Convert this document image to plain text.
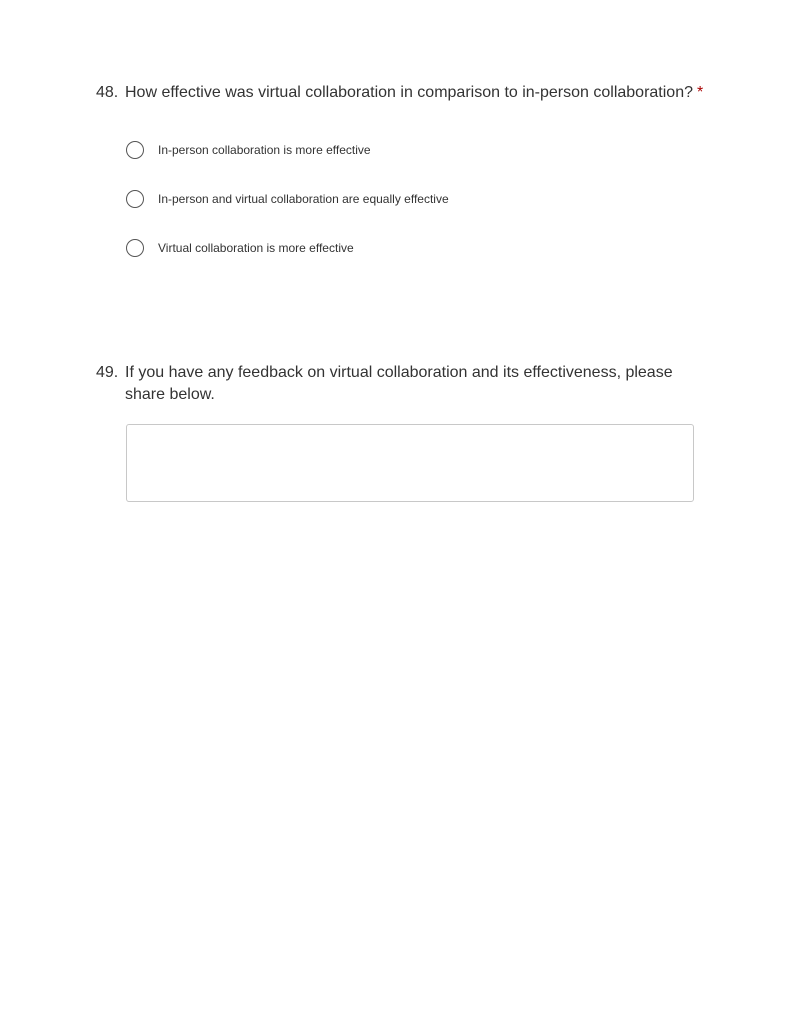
48. How effective was virtual collaboration in comparison to in-person collaboration? *
In-person collaboration is more effective
In-person and virtual collaboration are equally effective
Virtual collaboration is more effective
49. If you have any feedback on virtual collaboration and its effectiveness, please share below.
